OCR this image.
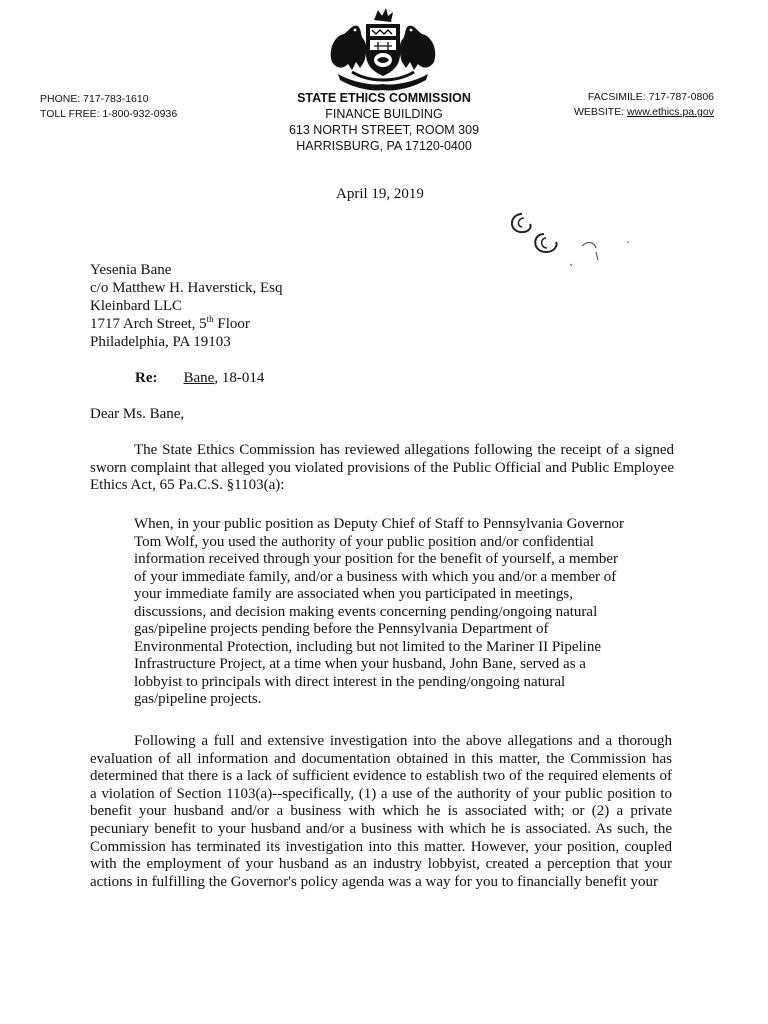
PHONE: 717-783-1610
TOLL FREE: 1-800-932-0936
STATE ETHICS COMMISSION
FINANCE BUILDING
613 NORTH STREET, ROOM 309
HARRISBURG, PA 17120-0400
FACSIMILE: 717-787-0806
WEBSITE: www.ethics.pa.gov
April 19, 2019
Yesenia Bane
c/o Matthew H. Haverstick, Esq
Kleinbard LLC
1717 Arch Street, 5th Floor
Philadelphia, PA 19103
Re: Bane, 18-014
Dear Ms. Bane,
The State Ethics Commission has reviewed allegations following the receipt of a signed sworn complaint that alleged you violated provisions of the Public Official and Public Employee Ethics Act, 65 Pa.C.S. §1103(a):
When, in your public position as Deputy Chief of Staff to Pennsylvania Governor Tom Wolf, you used the authority of your public position and/or confidential information received through your position for the benefit of yourself, a member of your immediate family, and/or a business with which you and/or a member of your immediate family are associated when you participated in meetings, discussions, and decision making events concerning pending/ongoing natural gas/pipeline projects pending before the Pennsylvania Department of Environmental Protection, including but not limited to the Mariner II Pipeline Infrastructure Project, at a time when your husband, John Bane, served as a lobbyist to principals with direct interest in the pending/ongoing natural gas/pipeline projects.
Following a full and extensive investigation into the above allegations and a thorough evaluation of all information and documentation obtained in this matter, the Commission has determined that there is a lack of sufficient evidence to establish two of the required elements of a violation of Section 1103(a)--specifically, (1) a use of the authority of your public position to benefit your husband and/or a business with which he is associated with; or (2) a private pecuniary benefit to your husband and/or a business with which he is associated. As such, the Commission has terminated its investigation into this matter. However, your position, coupled with the employment of your husband as an industry lobbyist, created a perception that your actions in fulfilling the Governor's policy agenda was a way for you to financially benefit your
